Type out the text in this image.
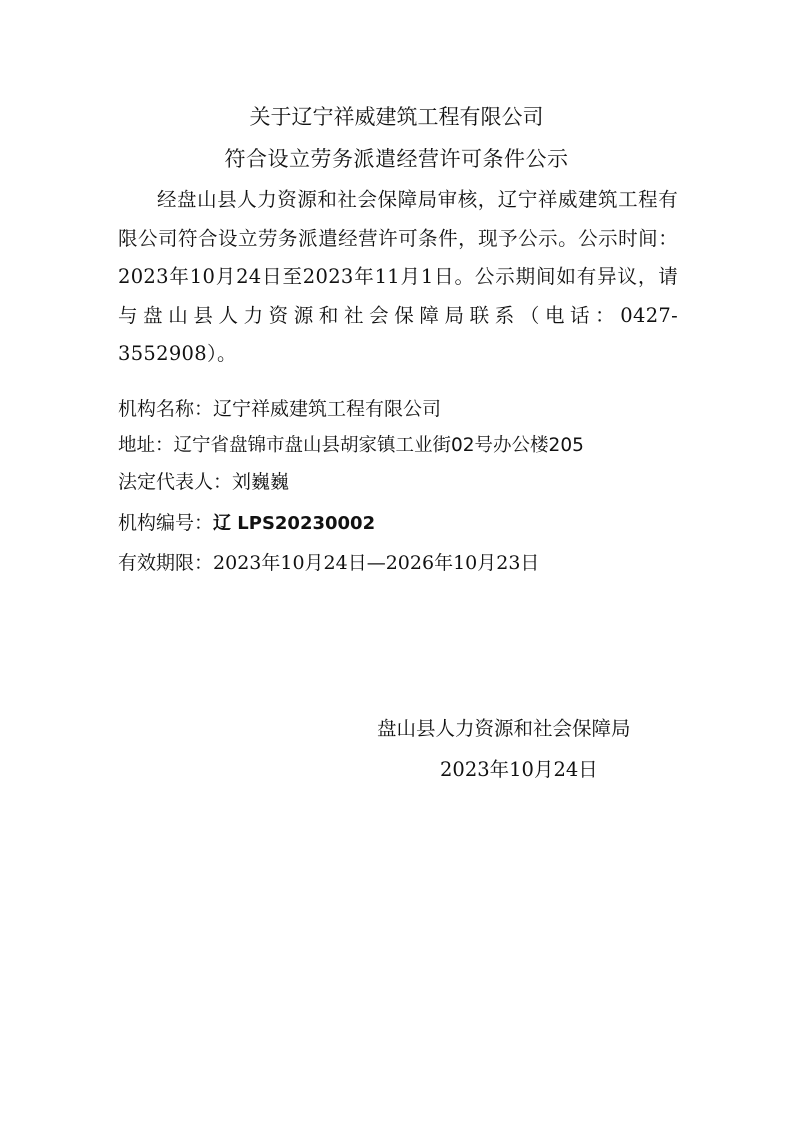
关于辽宁祥威建筑工程有限公司
符合设立劳务派遣经营许可条件公示
经盘山县人力资源和社会保障局审核，辽宁祥威建筑工程有限公司符合设立劳务派遣经营许可条件，现予公示。公示时间：2023年10月24日至2023年11月1日。公示期间如有异议，请与盘山县人力资源和社会保障局联系（电话：0427-3552908）。
机构名称：辽宁祥威建筑工程有限公司
地址：辽宁省盘锦市盘山县胡家镇工业街02号办公楼205
法定代表人：刘巍巍
机构编号：辽 LPS20230002
有效期限：2023年10月24日—2026年10月23日
盘山县人力资源和社会保障局
2023年10月24日
